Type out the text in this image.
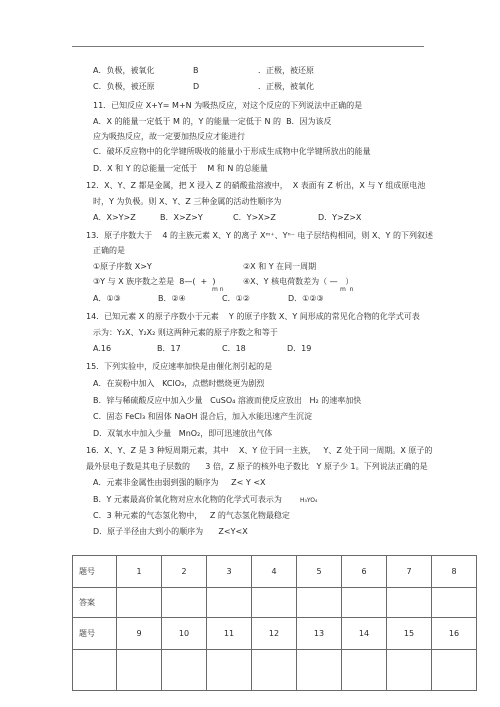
A．负极，被氧化	B	．正极，被还原
C．负极，被还原	D	．正极，被氧化
11．已知反应 X+Y= M+N 为吸热反应，对这个反应的下列说法中正确的是
A．X 的能量一定低于 M 的，Y 的能量一定低于 N 的  B．因为该反
应为吸热反应，故一定要加热反应才能进行
C．破坏反应物中的化学键所吸收的能量小于形成生成物中化学键所放出的能量
D．X 和 Y 的总能量一定低于    M 和 N 的总能量
12．X、Y、Z 都是金属，把 X 浸入 Z 的硝酸盐溶液中，  X 表面有 Z 析出，X 与 Y 组成原电池
时，Y 为负极。则 X、Y、Z 三种金属的活动性顺序为
A．X>Y>Z	B．X>Z>Y	C．Y>X>Z	D．Y>Z>X
13．原子序数大于    4 的主族元素 X、Y 的离子 Xᵐ⁺、Yⁿ⁻ 电子层结构相同，则 X、Y 的下列叙述
正确的是
①原子序数 X>Y	②X 和 Y 在同一周期
③Y 与 X 族序数之差是  8—(  +  )	④X、Y 核电荷数差为（ —   ）
m n	m  n
A．①③	B．②④	C．①②	D．①②③
14．已知元素 X 的原子序数小于元素    Y 的原子序数 X、Y 间形成的常见化合物的化学式可表
示为：Y₂X、Y₂X₂ 则这两种元素的原子序数之和等于
A.16	B．17	C．18	D．19
15．下列实验中，反应速率加快是由催化剂引起的是
A．在炭粉中加入   KClO₃，点燃时燃烧更为剧烈
B．锌与稀硫酸反应中加入少量   CuSO₄ 溶液而使反应放出   H₂ 的速率加快
C．固态 FeCl₃ 和固体 NaOH 混合后，加入水能迅速产生沉淀
D．双氧水中加入少量   MnO₂，即可迅速放出气体
16．X、Y、Z 是 3 种短周期元素，其中    X、Y 位于同一主族，   Y、Z 处于同一周期。X 原子的
最外层电子数是其电子层数的      3 倍，Z 原子的核外电子数比   Y 原子少 1。下列说法正确的是
A．元素非金属性由弱到强的顺序为     Z< Y <X
B．Y 元素最高价氧化物对应水化物的化学式可表示为	H₃YO₄
C．3 种元素的气态氢化物中，   Z 的气态氢化物最稳定
D．原子半径由大到小的顺序为      Z<Y<X
题号	1	2	3	4	5	6	7	8
答案								
题号	9	10	11	12	13	14	15	16
